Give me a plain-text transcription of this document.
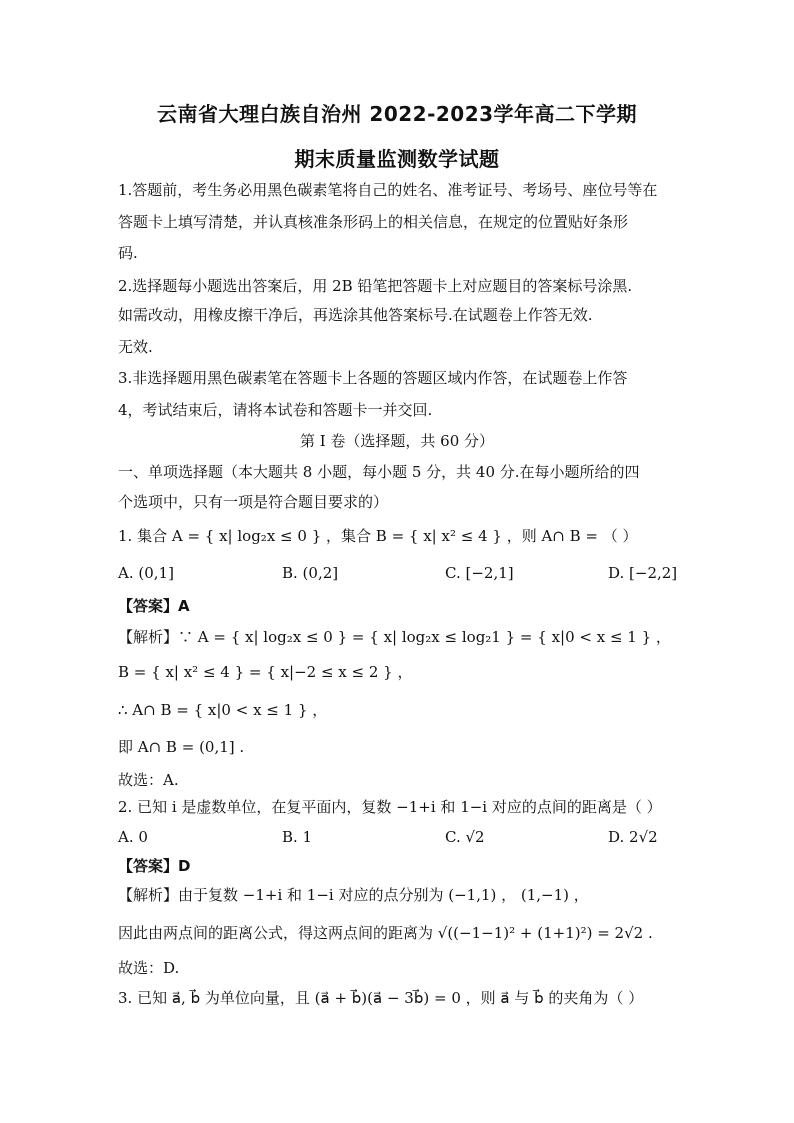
云南省大理白族自治州 2022-2023学年高二下学期
期末质量监测数学试题
1.答题前，考生务必用黑色碳素笔将自己的姓名、准考证号、考场号、座位号等在
答题卡上填写清楚，并认真核准条形码上的相关信息，在规定的位置贴好条形
码.
2.选择题每小题选出答案后，用 2B 铅笔把答题卡上对应题目的答案标号涂黑.
如需改动，用橡皮擦干净后，再选涂其他答案标号.在试题卷上作答无效.
无效.
3.非选择题用黑色碳素笔在答题卡上各题的答题区域内作答，在试题卷上作答
4，考试结束后，请将本试卷和答题卡一并交回.
第 I 卷（选择题，共 60 分）
一、单项选择题（本大题共 8 小题，每小题 5 分，共 40 分.在每小题所给的四
个选项中，只有一项是符合题目要求的）
1. 集合 A = { x| log₂x ≤ 0 } ，集合 B = { x| x² ≤ 4 } ，则 A∩ B = （ ）
A. (0,1]	B. (0,2]	C. [−2,1]	D. [−2,2]
【答案】A
【解析】∵ A = { x| log₂x ≤ 0 } = { x| log₂x ≤ log₂1 } = { x|0 < x ≤ 1 } ，
B = { x| x² ≤ 4 } = { x|−2 ≤ x ≤ 2 } ，
∴ A∩ B = { x|0 < x ≤ 1 } ，
即 A∩ B = (0,1] .
故选：A.
2. 已知 i 是虚数单位，在复平面内，复数 −1+i 和 1−i 对应的点间的距离是（ ）
A. 0	B. 1	C. √2	D. 2√2
【答案】D
【解析】由于复数 −1+i 和 1−i 对应的点分别为 (−1,1) ， (1,−1) ，
因此由两点间的距离公式，得这两点间的距离为 √((−1−1)² + (1+1)²) = 2√2 .
故选：D.
3. 已知 a⃗, b⃗ 为单位向量，且 (a⃗ + b⃗)(a⃗ − 3b⃗) = 0 ，则 a⃗ 与 b⃗ 的夹角为（ ）
